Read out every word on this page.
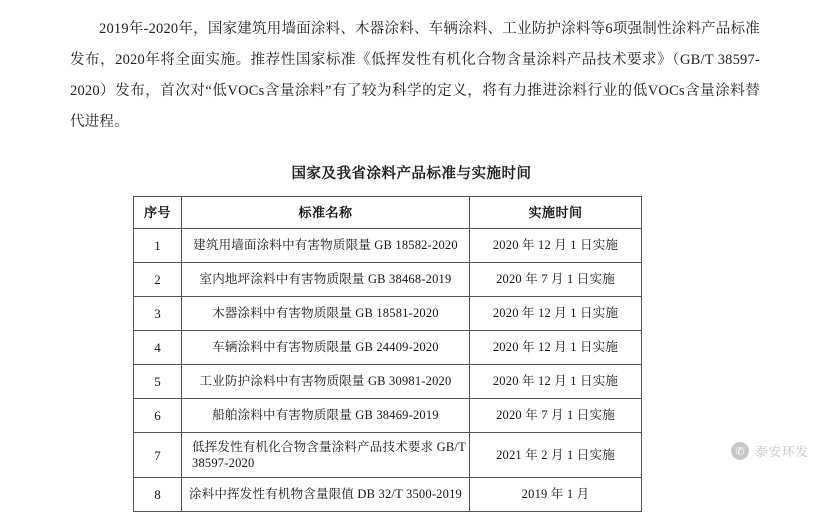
2019年-2020年，国家建筑用墙面涂料、木器涂料、车辆涂料、工业防护涂料等6项强制性涂料产品标准发布，2020年将全面实施。推荐性国家标准《低挥发性有机化合物含量涂料产品技术要求》（GB/T 38597-2020）发布，首次对“低VOCs含量涂料”有了较为科学的定义，将有力推进涂料行业的低VOCs含量涂料替代进程。
国家及我省涂料产品标准与实施时间
序号	标准名称	实施时间
1	建筑用墙面涂料中有害物质限量 GB 18582-2020	2020 年 12 月 1 日实施
2	室内地坪涂料中有害物质限量 GB 38468-2019	2020 年 7 月 1 日实施
3	木器涂料中有害物质限量 GB 18581-2020	2020 年 12 月 1 日实施
4	车辆涂料中有害物质限量 GB 24409-2020	2020 年 12 月 1 日实施
5	工业防护涂料中有害物质限量 GB 30981-2020	2020 年 12 月 1 日实施
6	船舶涂料中有害物质限量 GB 38469-2019	2020 年 7 月 1 日实施
7	低挥发性有机化合物含量涂料产品技术要求 GB/T 38597-2020	2021 年 2 月 1 日实施
8	涂料中挥发性有机物含量限值 DB 32/T 3500-2019	2019 年 1 月
✆ 泰安环发
